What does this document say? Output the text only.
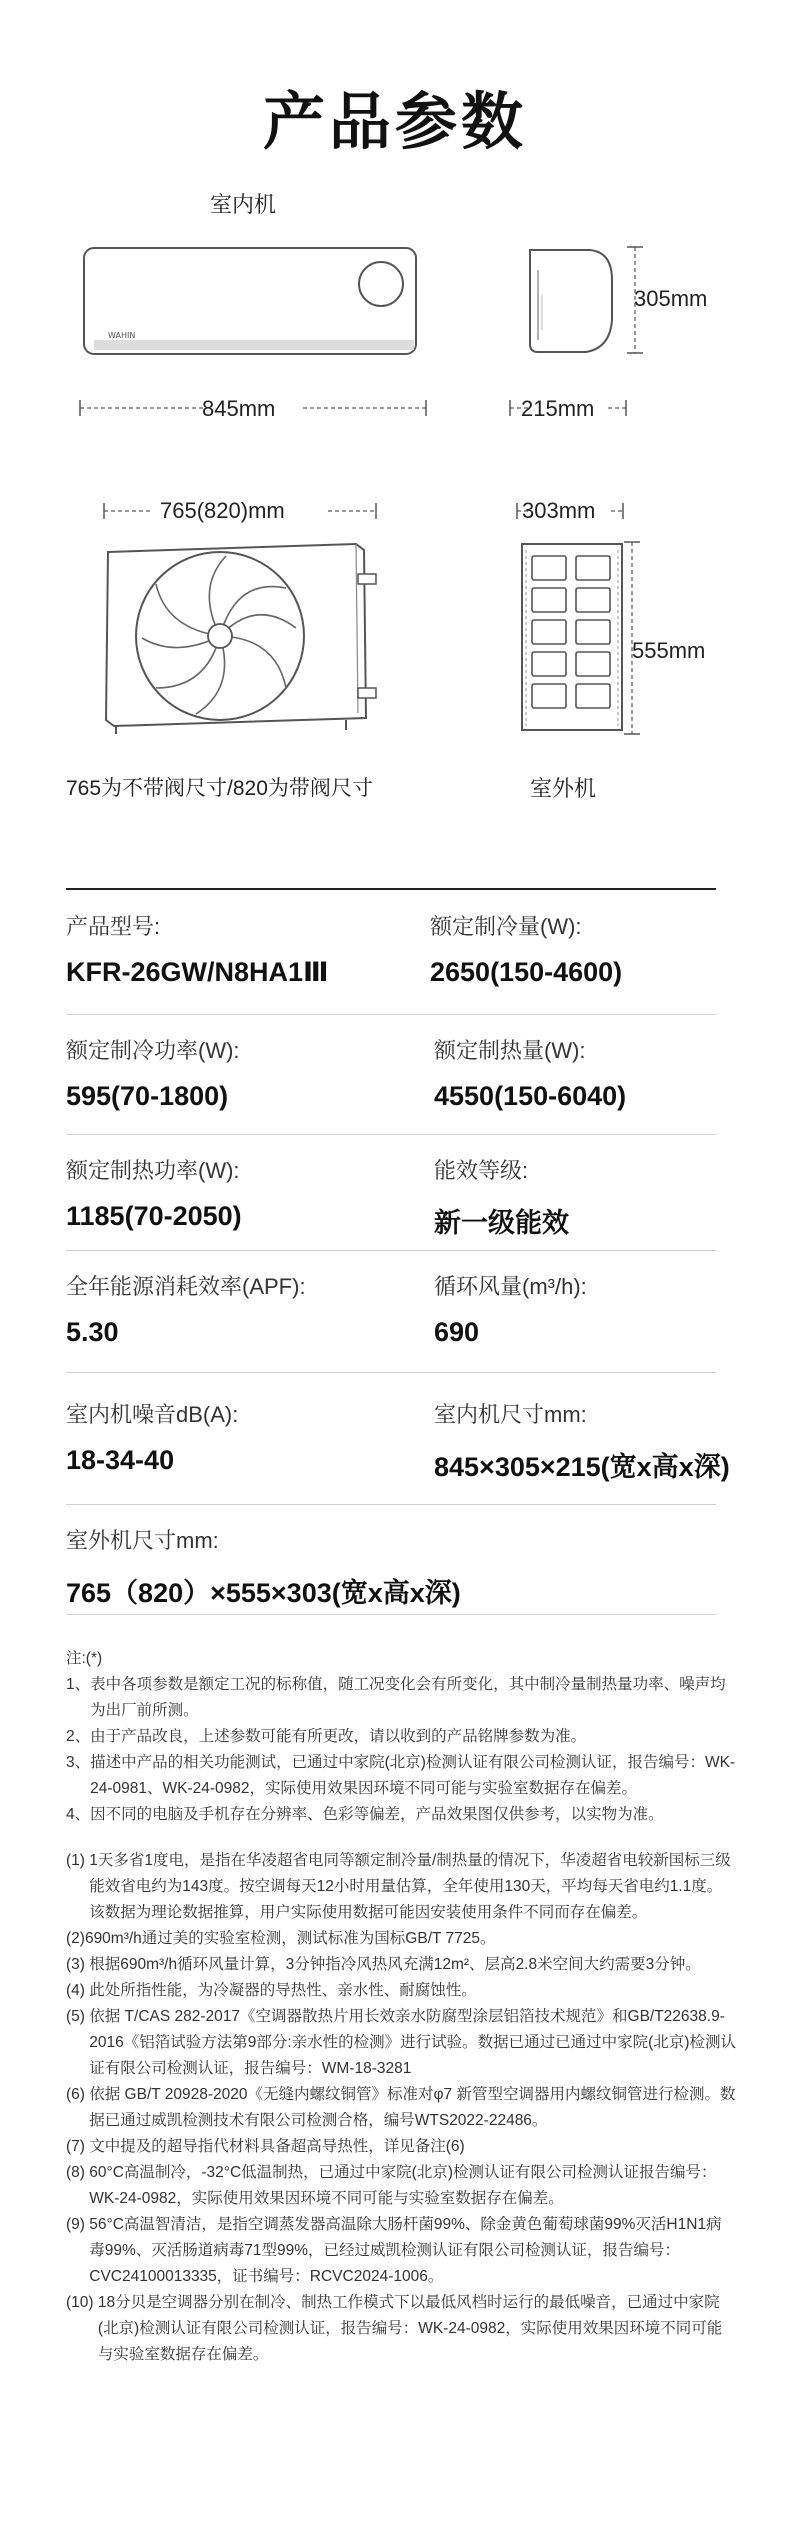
产品参数
室内机
WAHIN
305mm
845mm	215mm
765(820)mm	303mm
555mm
765为不带阀尺寸/820为带阀尺寸	室外机
产品型号:
KFR-26GW/N8HA1Ⅲ
额定制冷量(W):
2650(150-4600)
额定制冷功率(W):
595(70-1800)
额定制热量(W):
4550(150-6040)
额定制热功率(W):
1185(70-2050)
能效等级:
新一级能效
全年能源消耗效率(APF):
5.30
循环风量(m³/h):
690
室内机噪音dB(A):
18-34-40
室内机尺寸mm:
845×305×215(宽x高x深)
室外机尺寸mm:
765（820）×555×303(宽x高x深)
注:(*)
1、 表中各项参数是额定工况的标称值，随工况变化会有所变化，其中制冷量制热量功率、噪声均为出厂前所测。
2、 由于产品改良，上述参数可能有所更改，请以收到的产品铭牌参数为准。
3、 描述中产品的相关功能测试，已通过中家院(北京)检测认证有限公司检测认证，报告编号：WK-24-0981、WK-24-0982，实际使用效果因环境不同可能与实验室数据存在偏差。
4、 因不同的电脑及手机存在分辨率、色彩等偏差，产品效果图仅供参考，以实物为准。
(1) 1天多省1度电，是指在华凌超省电同等额定制冷量/制热量的情况下，华凌超省电较新国标三级能效省电约为143度。按空调每天12小时用量估算，全年使用130天，平均每天省电约1.1度。该数据为理论数据推算，用户实际使用数据可能因安装使用条件不同而存在偏差。
(2)690m³/h通过美的实验室检测，测试标准为国标GB/T 7725。
(3) 根据690m³/h循环风量计算，3分钟指冷风热风充满12m²、层高2.8米空间大约需要3分钟。
(4) 此处所指性能，为冷凝器的导热性、亲水性、耐腐蚀性。
(5) 依据 T/CAS 282-2017《空调器散热片用长效亲水防腐型涂层铝箔技术规范》和GB/T22638.9-2016《铝箔试验方法第9部分:亲水性的检测》进行试验。数据已通过已通过中家院(北京)检测认证有限公司检测认证，报告编号：WM-18-3281
(6) 依据 GB/T 20928-2020《无缝内螺纹铜管》标准对φ7 新管型空调器用内螺纹铜管进行检测。数据已通过威凯检测技术有限公司检测合格，编号WTS2022-22486。
(7) 文中提及的超导指代材料具备超高导热性，详见备注(6)
(8) 60°C高温制冷，-32°C低温制热，已通过中家院(北京)检测认证有限公司检测认证报告编号：WK-24-0982，实际使用效果因环境不同可能与实验室数据存在偏差。
(9) 56°C高温智清洁，是指空调蒸发器高温除大肠杆菌99%、除金黄色葡萄球菌99%灭活H1N1病毒99%、灭活肠道病毒71型99%，已经过威凯检测认证有限公司检测认证，报告编号：CVC24100013335，证书编号：RCVC2024-1006。
(10) 18分贝是空调器分别在制冷、制热工作模式下以最低风档时运行的最低噪音，已通过中家院(北京)检测认证有限公司检测认证，报告编号：WK-24-0982，实际使用效果因环境不同可能与实验室数据存在偏差。
